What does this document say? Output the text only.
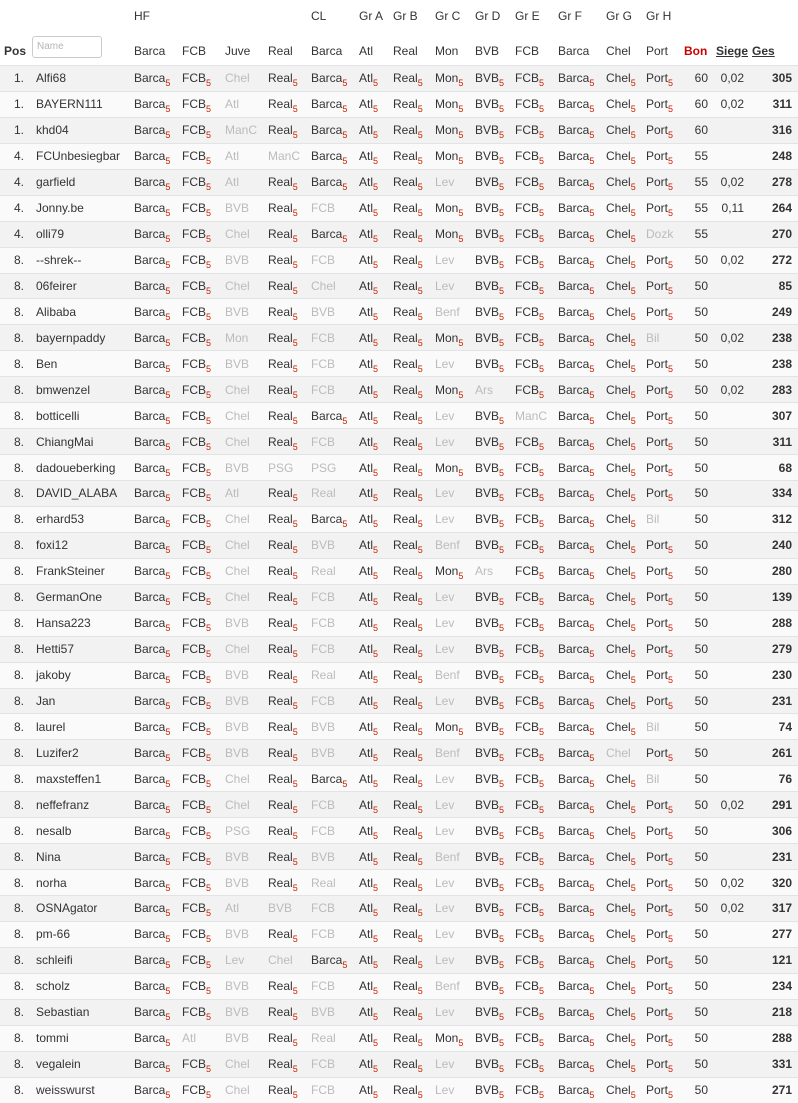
		HF				CL	Gr A	Gr B	Gr C	Gr D	Gr E	Gr F	Gr G	Gr H			
Pos	Name	Barca	FCB	Juve	Real	Barca	Atl	Real	Mon	BVB	FCB	Barca	Chel	Port	Bon	Siege	Ges
1.	Alfi68	Barca$_5$	$FCB_5$	Chel	Real$_5$	Barca$_5$	Atl$_5$	Real$_5$	Mon$_5$	$BVB_5$	$FCB_5$	Barca$_5$	Chel$_5$	Port$_5$	60	0,02	305
1.	BAYERN111	Barca$_5$	$FCB_5$	Atl	Real$_5$	Barca$_5$	Atl$_5$	Real$_5$	Mon$_5$	$BVB_5$	$FCB_5$	Barca$_5$	Chel$_5$	Port$_5$	60	0,02	311
1.	khd04	Barca$_5$	$FCB_5$	ManC	Real$_5$	Barca$_5$	Atl$_5$	Real$_5$	Mon$_5$	$BVB_5$	$FCB_5$	Barca$_5$	Chel$_5$	Port$_5$	60		316
4.	FCUnbesiegbar	Barca$_5$	$FCB_5$	Atl	ManC	Barca$_5$	Atl$_5$	Real$_5$	Mon$_5$	$BVB_5$	$FCB_5$	Barca$_5$	Chel$_5$	Port$_5$	55		248
4.	garfield	Barca$_5$	$FCB_5$	Atl	Real$_5$	Barca$_5$	Atl$_5$	Real$_5$	Lev	$BVB_5$	$FCB_5$	Barca$_5$	Chel$_5$	Port$_5$	55	0,02	278
4.	Jonny.be	Barca$_5$	$FCB_5$	BVB	Real$_5$	FCB	Atl$_5$	Real$_5$	Mon$_5$	$BVB_5$	$FCB_5$	Barca$_5$	Chel$_5$	Port$_5$	55	0,11	264
4.	olli79	Barca$_5$	$FCB_5$	Chel	Real$_5$	Barca$_5$	Atl$_5$	Real$_5$	Mon$_5$	$BVB_5$	$FCB_5$	Barca$_5$	Chel$_5$	Dozk	55		270
8.	--shrek--	Barca$_5$	$FCB_5$	BVB	Real$_5$	FCB	Atl$_5$	Real$_5$	Lev	$BVB_5$	$FCB_5$	Barca$_5$	Chel$_5$	Port$_5$	50	0,02	272
8.	06feirer	Barca$_5$	$FCB_5$	Chel	Real$_5$	Chel	Atl$_5$	Real$_5$	Lev	$BVB_5$	$FCB_5$	Barca$_5$	Chel$_5$	Port$_5$	50		85
8.	Alibaba	Barca$_5$	$FCB_5$	BVB	Real$_5$	BVB	Atl$_5$	Real$_5$	Benf	$BVB_5$	$FCB_5$	Barca$_5$	Chel$_5$	Port$_5$	50		249
8.	bayernpaddy	Barca$_5$	$FCB_5$	Mon	Real$_5$	FCB	Atl$_5$	Real$_5$	Mon$_5$	$BVB_5$	$FCB_5$	Barca$_5$	Chel$_5$	Bil	50	0,02	238
8.	Ben	Barca$_5$	$FCB_5$	BVB	Real$_5$	FCB	Atl$_5$	Real$_5$	Lev	$BVB_5$	$FCB_5$	Barca$_5$	Chel$_5$	Port$_5$	50		238
8.	bmwenzel	Barca$_5$	$FCB_5$	Chel	Real$_5$	FCB	Atl$_5$	Real$_5$	Mon$_5$	Ars	$FCB_5$	Barca$_5$	Chel$_5$	Port$_5$	50	0,02	283
8.	botticelli	Barca$_5$	$FCB_5$	Chel	Real$_5$	Barca$_5$	Atl$_5$	Real$_5$	Lev	$BVB_5$	ManC	Barca$_5$	Chel$_5$	Port$_5$	50		307
8.	ChiangMai	Barca$_5$	$FCB_5$	Chel	Real$_5$	FCB	Atl$_5$	Real$_5$	Lev	$BVB_5$	$FCB_5$	Barca$_5$	Chel$_5$	Port$_5$	50		311
8.	dadoueberking	Barca$_5$	$FCB_5$	BVB	PSG	PSG	Atl$_5$	Real$_5$	Mon$_5$	$BVB_5$	$FCB_5$	Barca$_5$	Chel$_5$	Port$_5$	50		68
8.	DAVID_ALABA	Barca$_5$	$FCB_5$	Atl	Real$_5$	Real	Atl$_5$	Real$_5$	Lev	$BVB_5$	$FCB_5$	Barca$_5$	Chel$_5$	Port$_5$	50		334
8.	erhard53	Barca$_5$	$FCB_5$	Chel	Real$_5$	Barca$_5$	Atl$_5$	Real$_5$	Lev	$BVB_5$	$FCB_5$	Barca$_5$	Chel$_5$	Bil	50		312
8.	foxi12	Barca$_5$	$FCB_5$	Chel	Real$_5$	BVB	Atl$_5$	Real$_5$	Benf	$BVB_5$	$FCB_5$	Barca$_5$	Chel$_5$	Port$_5$	50		240
8.	FrankSteiner	Barca$_5$	$FCB_5$	Chel	Real$_5$	Real	Atl$_5$	Real$_5$	Mon$_5$	Ars	$FCB_5$	Barca$_5$	Chel$_5$	Port$_5$	50		280
8.	GermanOne	Barca$_5$	$FCB_5$	Chel	Real$_5$	FCB	Atl$_5$	Real$_5$	Lev	$BVB_5$	$FCB_5$	Barca$_5$	Chel$_5$	Port$_5$	50		139
8.	Hansa223	Barca$_5$	$FCB_5$	BVB	Real$_5$	FCB	Atl$_5$	Real$_5$	Lev	$BVB_5$	$FCB_5$	Barca$_5$	Chel$_5$	Port$_5$	50		288
8.	Hetti57	Barca$_5$	$FCB_5$	Chel	Real$_5$	FCB	Atl$_5$	Real$_5$	Lev	$BVB_5$	$FCB_5$	Barca$_5$	Chel$_5$	Port$_5$	50		279
8.	jakoby	Barca$_5$	$FCB_5$	BVB	Real$_5$	Real	Atl$_5$	Real$_5$	Benf	$BVB_5$	$FCB_5$	Barca$_5$	Chel$_5$	Port$_5$	50		230
8.	Jan	Barca$_5$	$FCB_5$	BVB	Real$_5$	FCB	Atl$_5$	Real$_5$	Lev	$BVB_5$	$FCB_5$	Barca$_5$	Chel$_5$	Port$_5$	50		231
8.	laurel	Barca$_5$	$FCB_5$	BVB	Real$_5$	BVB	Atl$_5$	Real$_5$	Mon$_5$	$BVB_5$	$FCB_5$	Barca$_5$	Chel$_5$	Bil	50		74
8.	Luzifer2	Barca$_5$	$FCB_5$	BVB	Real$_5$	BVB	Atl$_5$	Real$_5$	Benf	$BVB_5$	$FCB_5$	Barca$_5$	Chel	Port$_5$	50		261
8.	maxsteffen1	Barca$_5$	$FCB_5$	Chel	Real$_5$	Barca$_5$	Atl$_5$	Real$_5$	Lev	$BVB_5$	$FCB_5$	Barca$_5$	Chel$_5$	Bil	50		76
8.	neffefranz	Barca$_5$	$FCB_5$	Chel	Real$_5$	FCB	Atl$_5$	Real$_5$	Lev	$BVB_5$	$FCB_5$	Barca$_5$	Chel$_5$	Port$_5$	50	0,02	291
8.	nesalb	Barca$_5$	$FCB_5$	PSG	Real$_5$	FCB	Atl$_5$	Real$_5$	Lev	$BVB_5$	$FCB_5$	Barca$_5$	Chel$_5$	Port$_5$	50		306
8.	Nina	Barca$_5$	$FCB_5$	BVB	Real$_5$	BVB	Atl$_5$	Real$_5$	Benf	$BVB_5$	$FCB_5$	Barca$_5$	Chel$_5$	Port$_5$	50		231
8.	norha	Barca$_5$	$FCB_5$	BVB	Real$_5$	Real	Atl$_5$	Real$_5$	Lev	$BVB_5$	$FCB_5$	Barca$_5$	Chel$_5$	Port$_5$	50	0,02	320
8.	OSNAgator	Barca$_5$	$FCB_5$	Atl	BVB	FCB	Atl$_5$	Real$_5$	Lev	$BVB_5$	$FCB_5$	Barca$_5$	Chel$_5$	Port$_5$	50	0,02	317
8.	pm-66	Barca$_5$	$FCB_5$	BVB	Real$_5$	FCB	Atl$_5$	Real$_5$	Lev	$BVB_5$	$FCB_5$	Barca$_5$	Chel$_5$	Port$_5$	50		277
8.	schleifi	Barca$_5$	$FCB_5$	Lev	Chel	Barca$_5$	Atl$_5$	Real$_5$	Lev	$BVB_5$	$FCB_5$	Barca$_5$	Chel$_5$	Port$_5$	50		121
8.	scholz	Barca$_5$	$FCB_5$	BVB	Real$_5$	FCB	Atl$_5$	Real$_5$	Benf	$BVB_5$	$FCB_5$	Barca$_5$	Chel$_5$	Port$_5$	50		234
8.	Sebastian	Barca$_5$	$FCB_5$	BVB	Real$_5$	BVB	Atl$_5$	Real$_5$	Lev	$BVB_5$	$FCB_5$	Barca$_5$	Chel$_5$	Port$_5$	50		218
8.	tommi	Barca$_5$	Atl	BVB	Real$_5$	Real	Atl$_5$	Real$_5$	Mon$_5$	$BVB_5$	$FCB_5$	Barca$_5$	Chel$_5$	Port$_5$	50		288
8.	vegalein	Barca$_5$	$FCB_5$	Chel	Real$_5$	FCB	Atl$_5$	Real$_5$	Lev	$BVB_5$	$FCB_5$	Barca$_5$	Chel$_5$	Port$_5$	50		331
8.	weisswurst	Barca$_5$	$FCB_5$	Chel	Real$_5$	FCB	Atl$_5$	Real$_5$	Lev	$BVB_5$	$FCB_5$	Barca$_5$	Chel$_5$	Port$_5$	50		271
